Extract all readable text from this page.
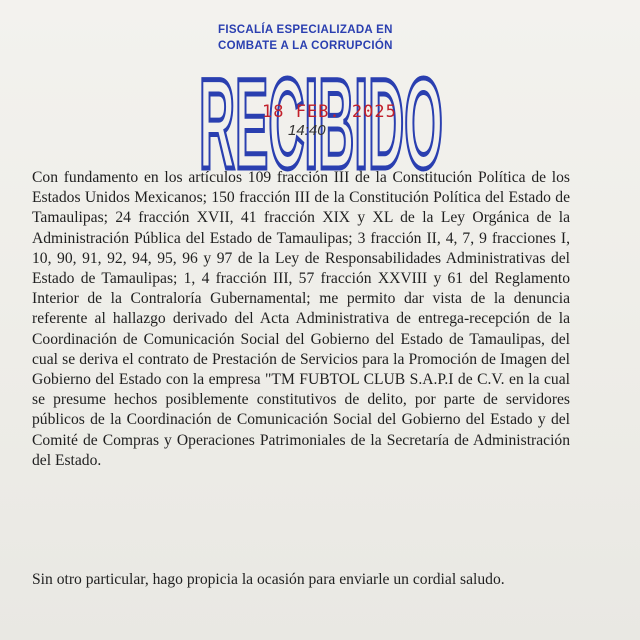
FISCALÍA ESPECIALIZADA EN
COMBATE A LA CORRUPCIÓN
RECIBIDO
18 FEB. 2025
14:40

Con fundamento en los artículos 109 fracción III de la Constitución Política de los Estados Unidos Mexicanos; 150 fracción III de la Constitución Política del Estado de Tamaulipas; 24 fracción XVII, 41 fracción XIX y XL de la Ley Orgánica de la Administración Pública del Estado de Tamaulipas; 3 fracción II, 4, 7, 9 fracciones I, 10, 90, 91, 92, 94, 95, 96 y 97 de la Ley de Responsabilidades Administrativas del Estado de Tamaulipas; 1, 4 fracción III, 57 fracción XXVIII y 61 del Reglamento Interior de la Contraloría Gubernamental; me permito dar vista de la denuncia referente al hallazgo derivado del Acta Administrativa de entrega-recepción de la Coordinación de Comunicación Social del Gobierno del Estado de Tamaulipas, del cual se deriva el contrato de Prestación de Servicios para la Promoción de Imagen del Gobierno del Estado con la empresa "TM FUBTOL CLUB S.A.P.I de C.V. en la cual se presume hechos posiblemente constitutivos de delito, por parte de servidores públicos de la Coordinación de Comunicación Social del Gobierno del Estado y del Comité de Compras y Operaciones Patrimoniales de la Secretaría de Administración del Estado.

Sin otro particular, hago propicia la ocasión para enviarle un cordial saludo.
